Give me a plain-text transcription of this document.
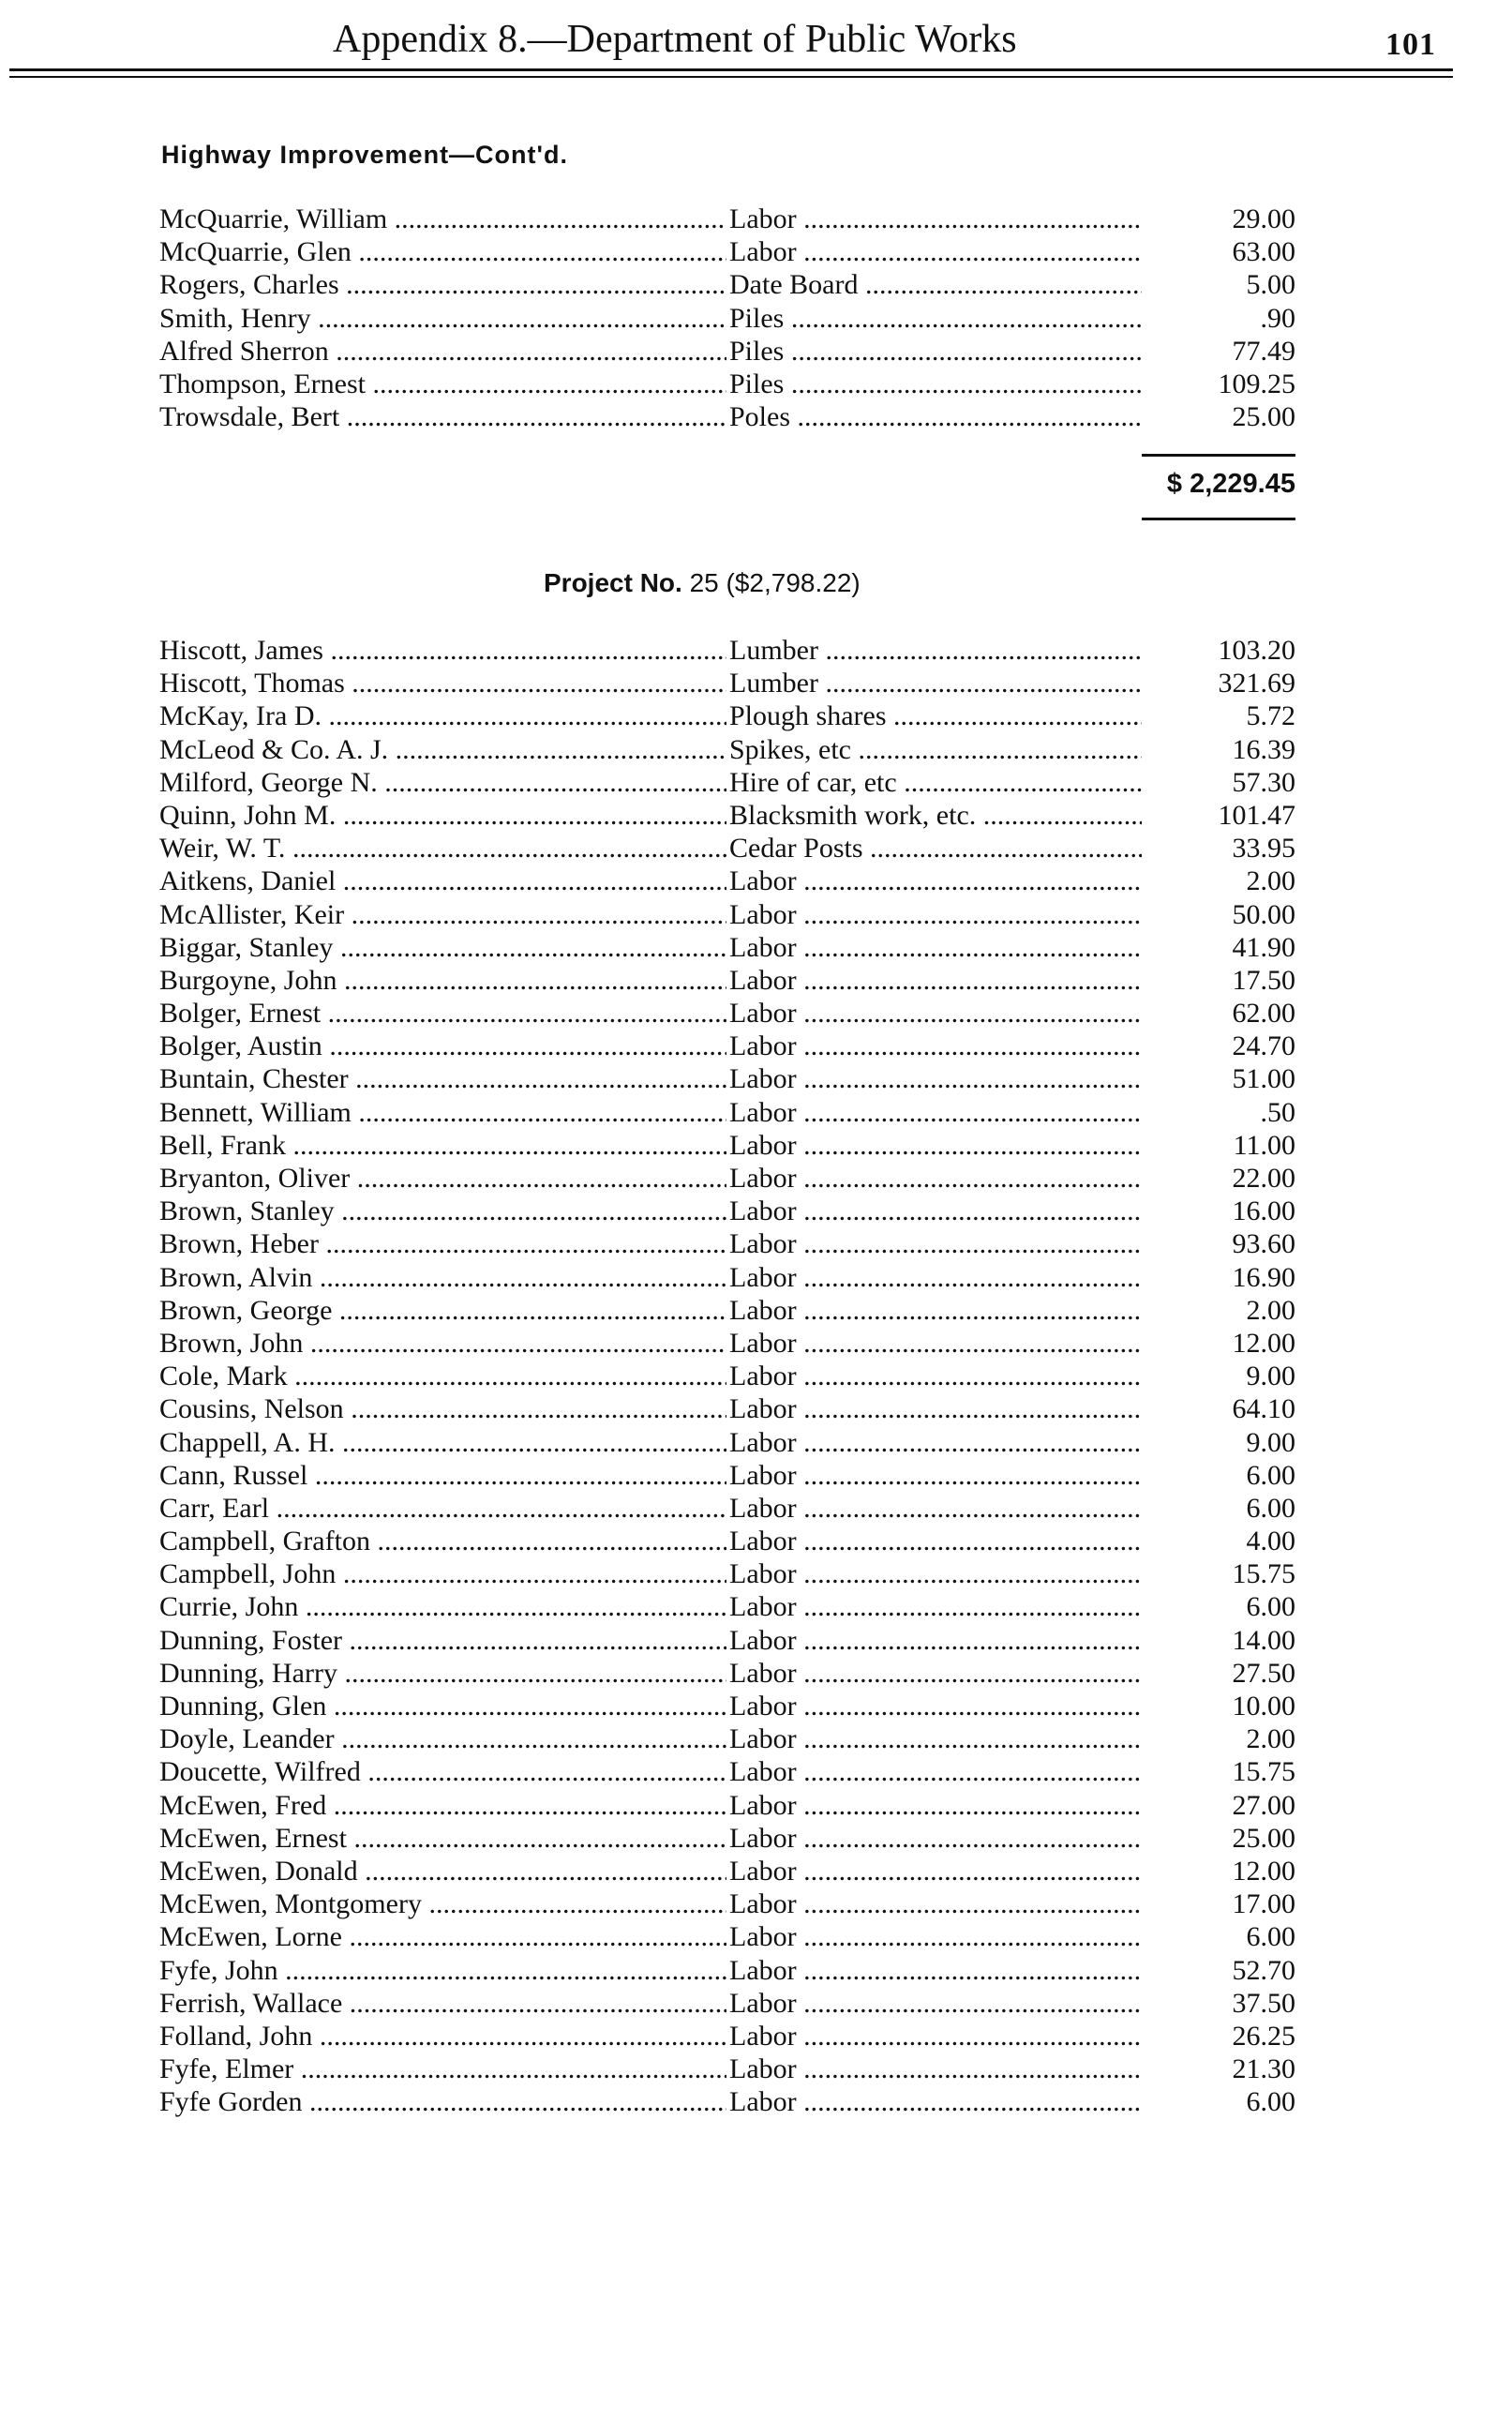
Appendix 8.—Department of Public Works	101
Highway Improvement—Cont'd.
McQuarrie, William .....	Labor .....	29.00
McQuarrie, Glen .....	Labor .....	63.00
Rogers, Charles .....	Date Board .....	5.00
Smith, Henry .....	Piles .....	.90
Alfred Sherron .....	Piles .....	77.49
Thompson, Ernest .....	Piles .....	109.25
Trowsdale, Bert .....	Poles .....	25.00
$ 2,229.45
Project No. 25 ($2,798.22)
Hiscott, James .....	Lumber .....	103.20
Hiscott, Thomas .....	Lumber .....	321.69
McKay, Ira D. .....	Plough shares .....	5.72
McLeod & Co. A. J. .....	Spikes, etc .....	16.39
Milford, George N. .....	Hire of car, etc .....	57.30
Quinn, John M. .....	Blacksmith work, etc. .....	101.47
Weir, W. T. .....	Cedar Posts .....	33.95
Aitkens, Daniel .....	Labor .....	2.00
McAllister, Keir .....	Labor .....	50.00
Biggar, Stanley .....	Labor .....	41.90
Burgoyne, John .....	Labor .....	17.50
Bolger, Ernest .....	Labor .....	62.00
Bolger, Austin .....	Labor .....	24.70
Buntain, Chester .....	Labor .....	51.00
Bennett, William .....	Labor .....	.50
Bell, Frank .....	Labor .....	11.00
Bryanton, Oliver .....	Labor .....	22.00
Brown, Stanley .....	Labor .....	16.00
Brown, Heber .....	Labor .....	93.60
Brown, Alvin .....	Labor .....	16.90
Brown, George .....	Labor .....	2.00
Brown, John .....	Labor .....	12.00
Cole, Mark .....	Labor .....	9.00
Cousins, Nelson .....	Labor .....	64.10
Chappell, A. H. .....	Labor .....	9.00
Cann, Russel .....	Labor .....	6.00
Carr, Earl .....	Labor .....	6.00
Campbell, Grafton .....	Labor .....	4.00
Campbell, John .....	Labor .....	15.75
Currie, John .....	Labor .....	6.00
Dunning, Foster .....	Labor .....	14.00
Dunning, Harry .....	Labor .....	27.50
Dunning, Glen .....	Labor .....	10.00
Doyle, Leander .....	Labor .....	2.00
Doucette, Wilfred .....	Labor .....	15.75
McEwen, Fred .....	Labor .....	27.00
McEwen, Ernest .....	Labor .....	25.00
McEwen, Donald .....	Labor .....	12.00
McEwen, Montgomery .....	Labor .....	17.00
McEwen, Lorne .....	Labor .....	6.00
Fyfe, John .....	Labor .....	52.70
Ferrish, Wallace .....	Labor .....	37.50
Folland, John .....	Labor .....	26.25
Fyfe, Elmer .....	Labor .....	21.30
Fyfe Gorden .....	Labor .....	6.00
